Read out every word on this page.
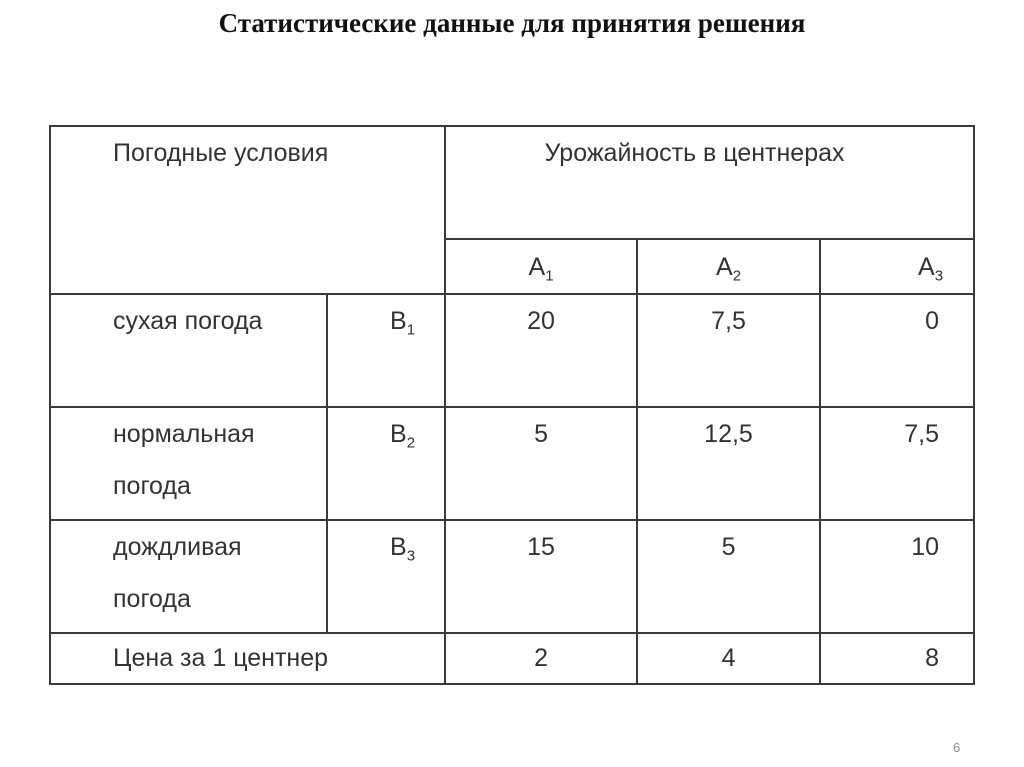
Статистические данные для принятия решения
Погодные условия		Урожайность в центнерах		
		$A_1$	$A_2$	$A_3$
сухая погода	$B_1$	20	7,5	0

нормальная погода	$B_2$	5	12,5	7,5

дождливая погода	$B_3$	15	5	10
Цена за 1 центнер		2	4	8
6
